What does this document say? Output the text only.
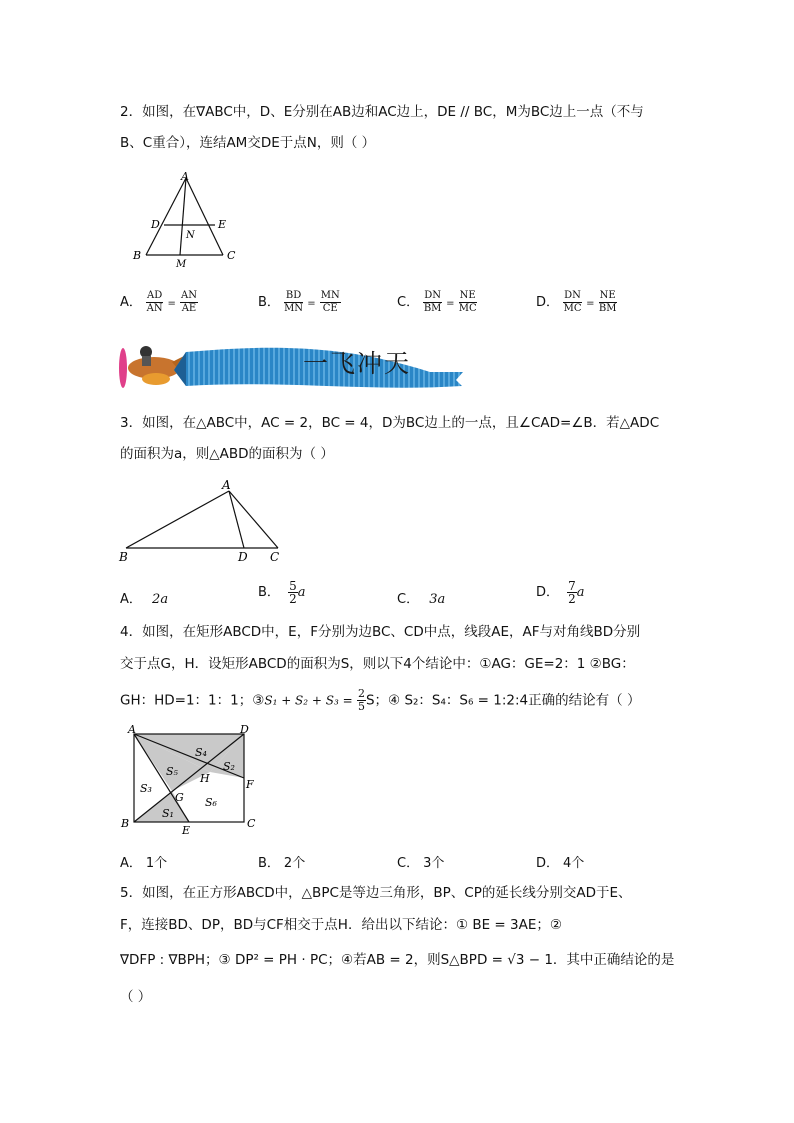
2．如图，在∇ABC中，D、E分别在AB边和AC边上，DE // BC，M为BC边上一点（不与
B、C重合），连结AM交DE于点N，则（ ）
A
D	E
N
B	C
M
A． $\frac{AD}{AN} = \frac{AN}{AE}$	B． $\frac{BD}{MN} = \frac{MN}{CE}$	C． $\frac{DN}{BM} = \frac{NE}{MC}$	D． $\frac{DN}{MC} = \frac{NE}{BM}$
一飞冲天
3．如图，在△ABC中，AC = 2，BC = 4，D为BC边上的一点，且∠CAD=∠B．若△ADC
的面积为a，则△ABD的面积为（ ）
A
B	D C
A． 2a	B． $\frac{5}{2}$ a	C． 3a	D． $\frac{7}{2}$ a
4．如图，在矩形ABCD中，E，F分别为边BC、CD中点，线段AE，AF与对角线BD分别
交于点G，H．设矩形ABCD的面积为S，则以下4个结论中：①AG：GE=2：1 ②BG：
GH：HD=1：1：1；③S₁ + $S_2 + S_3 = \frac{2}{5}$ S；④ S₂：S₄：S₆ = 1:2:4正确的结论有（ ）
A	D
B	C
E
F
G
H
S₁
S₂
S₃
S₄
S₅
S₆
A． 1个	B． 2个	C． 3个	D． 4个
5．如图，在正方形ABCD中，△BPC是等边三角形，BP、CP的延长线分别交AD于E、
F，连接BD、DP，BD与CF相交于点H．给出以下结论：① BE = 3AE；②
∇DFP : ∇BPH；③ DP² = PH · PC；④若AB = 2，则S△BPD = √3 − 1．其中正确结论的是
（ ）
